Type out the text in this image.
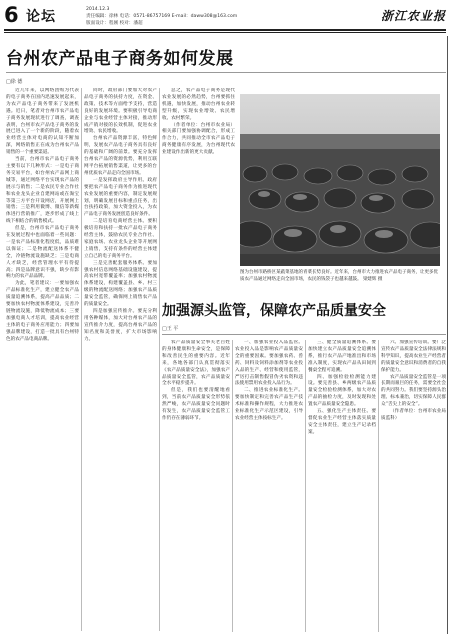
6 论坛	2014.12.3
责任编辑：徐林 电话：0571-86757169 E-mail：daww308@163.com
版面设计：程刚 校对：潘超
浙江农业报
台州农产品电子商务如何发展
□徐 德

近几年来，以网络团购为代表的电子商务在国内迅速发展起来，为农产品电子商务带来了发展机遇。近日，笔者对台州市农产品电子商务发展现状进行了调查，调查表明，台州市农产品电子商务的发展已进入了一个新的阶段，随着农业经营主体对电商的认知不断加深，网络销售正在成为台州农产品销售的一个重要渠道。

当前，台州市农产品电子商务主要有以下几种形式：一是电子商务交易平台，如台州农产品网上商城等，通过网络平台实现农产品的展示与销售；二是农民专业合作社和农业龙头企业自建网站或在淘宝等第三方平台开设网店，开展网上销售；三是利用微博、微信等新媒体进行营销推广，逐步形成了线上线下相结合的销售模式。

但是，台州市农产品电子商务在发展过程中也面临着一些问题：一是农产品标准化程度低，品质难以保证；二是物流配送体系不健全，冷链物流设施缺乏；三是电商人才缺乏，经营管理水平有待提高；四是品牌意识不强，缺少有影响力的农产品品牌。

为此，笔者建议：一要加强农产品标准化生产，建立健全农产品质量追溯体系，提高产品品质；二要加快农村物流体系建设，完善冷链物流设施，降低物流成本；三要加强电商人才培训，提高农业经营主体的电子商务应用能力；四要加强品牌建设，打造一批具有台州特色的农产品电商品牌。

同时，政府部门要加大对农产品电子商务的扶持力度，在资金、政策、技术等方面给予支持，营造良好的发展环境。要积极引导电商企业与农业经营主体对接，推动形成产销对接的长效机制，促进农业增效、农民增收。

台州农产品资源丰富，特色鲜明，发展农产品电子商务具有良好的基础和广阔的前景。要充分发挥台州农产品的资源优势，利用互联网平台拓展销售渠道，让更多的台州优质农产品走向全国市场。

一是发挥政府主导作用。政府要把农产品电子商务作为推进现代农业发展的重要内容，制定发展规划，明确发展目标和重点任务，出台扶持政策，加大资金投入，为农产品电子商务发展创造良好条件。

二是培育电商经营主体。要积极培育和扶持一批农产品电子商务经营主体，鼓励农民专业合作社、家庭农场、农业龙头企业等开展网上销售，支持有条件的经营主体建立自己的电子商务平台。

三是完善配套服务体系。要加强农村信息网络基础设施建设，提高农村宽带覆盖率；加强农村物流体系建设，构建覆盖县、乡、村三级的物流配送网络；加强农产品质量安全监管，确保网上销售农产品的质量安全。

四是加强宣传推介。要充分利用各种媒体，加大对台州农产品的宣传推介力度，提高台州农产品的知名度和美誉度，扩大市场影响力。

总之，农产品电子商务是现代农业发展的必然趋势，台州要抓住机遇，加快发展，推动台州农业转型升级，实现农业增效、农民增收、农村繁荣。

（作者单位：台州市农业局）相关部门要加强协调配合，形成工作合力，共同推动全市农产品电子商务健康有序发展，为台州现代农业建设作出新的更大贡献。

图为台州市路桥区某蔬菜基地的青菜长势良好。近年来，台州市大力推进农产品电子商务，让更多优质农产品通过网络走向全国市场，农民的钱袋子也越来越鼓。 梁建辉 摄
加强源头监管，保障农产品质量安全
□王 平

农产品质量安全事关老百姓的身体健康和生命安全，是保障和改善民生的重要内容。近年来，各地各部门认真贯彻落实《农产品质量安全法》，加强农产品质量安全监管，农产品质量安全水平稳步提升。

但是，我们也要清醒地看到，当前农产品质量安全形势依然严峻，农产品质量安全问题时有发生，农产品质量安全监管工作仍存在薄弱环节。

一、加强农业投入品监管。农业投入品是影响农产品质量安全的重要因素。要加强农药、兽药、饲料及饲料添加剂等农业投入品的生产、经营和使用监管，严厉打击制售假冒伪劣农资和违法使用禁用农业投入品行为。

二、推进农业标准化生产。要加快制定和完善农产品生产技术标准和操作规程，大力推进农业标准化生产示范区建设，引导农业经营主体按标生产。

三、健全质量追溯体系。要加快建立农产品质量安全追溯体系，推行农产品产地准出和市场准入制度，实现农产品从田间到餐桌全程可追溯。

四、加强检验检测能力建设。要完善县、乡两级农产品质量安全检验检测体系，加大对农产品的抽检力度，及时发现和处置农产品质量安全隐患。

五、强化生产主体责任。要督促农业生产经营主体落实质量安全主体责任，建立生产记录档案。

六、加强宣传培训。要广泛宣传农产品质量安全法律法规和科学知识，提高农业生产经营者的质量安全意识和消费者的自我保护能力。

农产品质量安全监管是一项长期而艰巨的任务，需要全社会的共同努力。我们要坚持源头治理、标本兼治，切实保障人民群众“舌尖上的安全”。

（作者单位：台州市农业局质监科）
